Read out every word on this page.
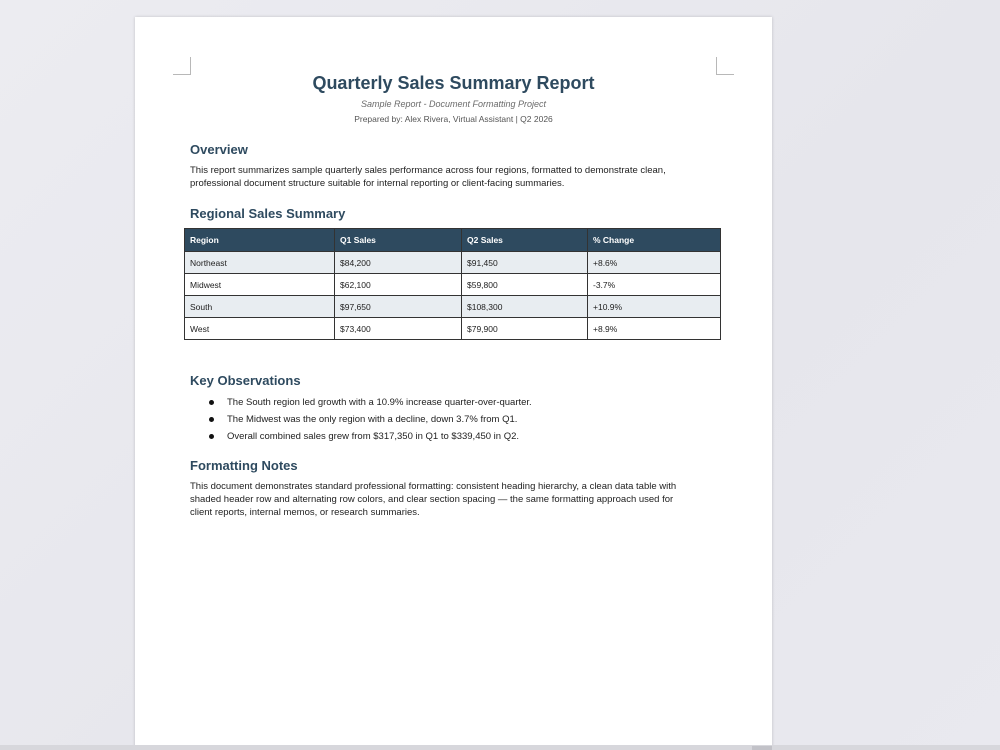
Quarterly Sales Summary Report
Sample Report - Document Formatting Project
Prepared by: Alex Rivera, Virtual Assistant | Q2 2026
Overview
This report summarizes sample quarterly sales performance across four regions, formatted to demonstrate clean,
professional document structure suitable for internal reporting or client-facing summaries.
Regional Sales Summary
Region	Q1 Sales	Q2 Sales	% Change
Northeast	$84,200	$91,450	+8.6%
Midwest	$62,100	$59,800	-3.7%
South	$97,650	$108,300	+10.9%
West	$73,400	$79,900	+8.9%
Key Observations
The South region led growth with a 10.9% increase quarter-over-quarter.
The Midwest was the only region with a decline, down 3.7% from Q1.
Overall combined sales grew from $317,350 in Q1 to $339,450 in Q2.
Formatting Notes
This document demonstrates standard professional formatting: consistent heading hierarchy, a clean data table with
shaded header row and alternating row colors, and clear section spacing — the same formatting approach used for
client reports, internal memos, or research summaries.
